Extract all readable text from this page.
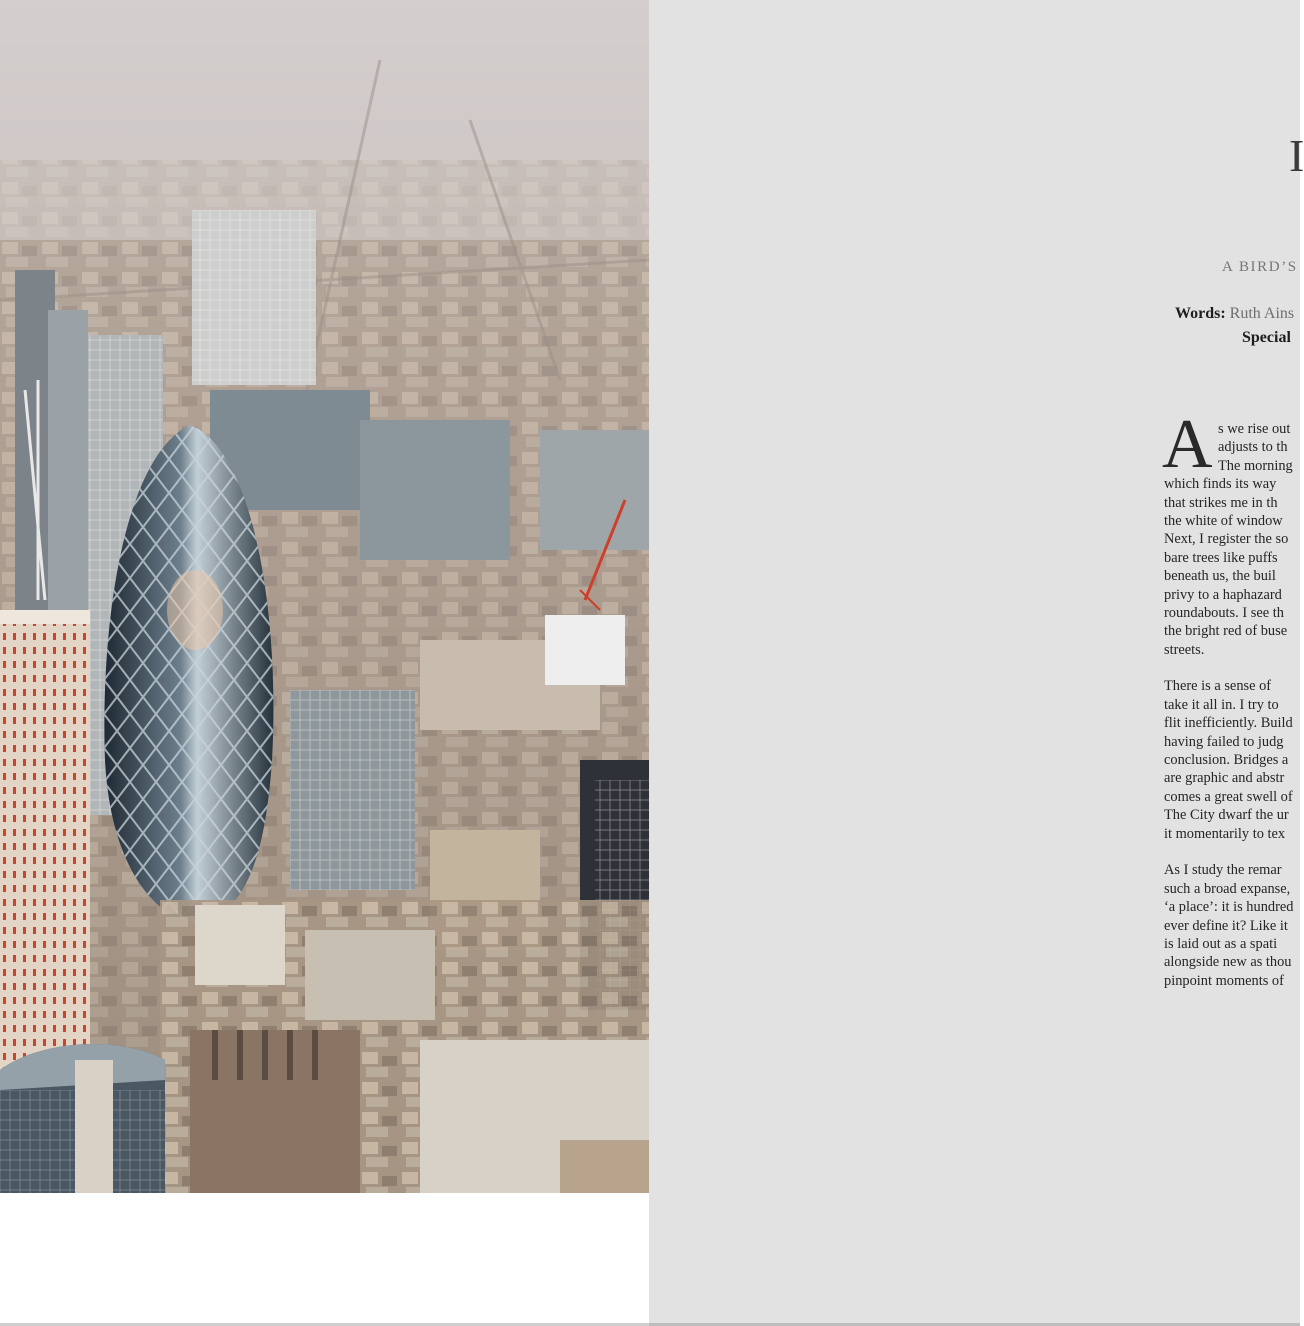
I
A BIRD’S
Words: Ruth Ains
Special
A s we rise out
adjusts to th
The morning
which finds its way
that strikes me in th
the white of window
Next, I register the so
bare trees like puffs
beneath us, the buil
privy to a haphazard
roundabouts. I see th
the bright red of buse
streets.
There is a sense of
take it all in. I try to
flit inefficiently. Build
having failed to judg
conclusion. Bridges a
are graphic and abstr
comes a great swell of
The City dwarf the ur
it momentarily to tex
As I study the remar
such a broad expanse,
‘a place’: it is hundred
ever define it? Like it
is laid out as a spati
alongside new as thou
pinpoint moments of
